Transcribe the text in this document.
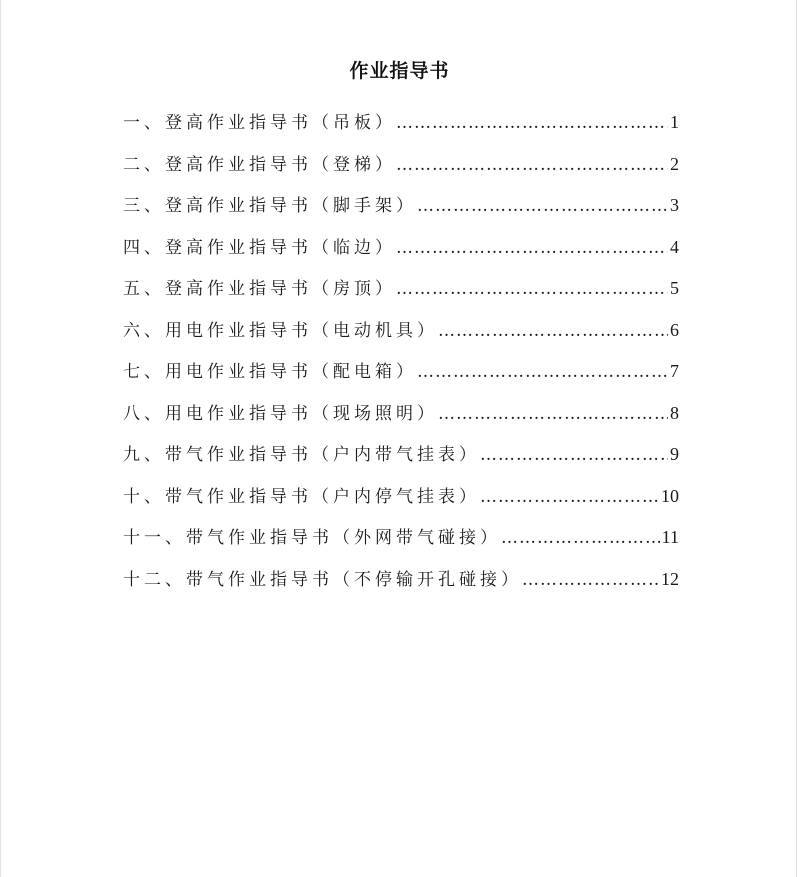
作业指导书
一、登高作业指导书（吊板） ………………………………………………………………………………………………………………	1
二、登高作业指导书（登梯） ………………………………………………………………………………………………………………	2
三、登高作业指导书（脚手架） ………………………………………………………………………………………………………………	3
四、登高作业指导书（临边） ………………………………………………………………………………………………………………	4
五、登高作业指导书（房顶） ………………………………………………………………………………………………………………	5
六、用电作业指导书（电动机具） ………………………………………………………………………………………………………………	6
七、用电作业指导书（配电箱） ………………………………………………………………………………………………………………	7
八、用电作业指导书（现场照明） ………………………………………………………………………………………………………………	8
九、带气作业指导书（户内带气挂表） ………………………………………………………………………………………………………………	9
十、带气作业指导书（户内停气挂表） ………………………………………………………………………………………………………………	10
十一、带气作业指导书（外网带气碰接） ………………………………………………………………………………………………………………	11
十二、带气作业指导书（不停输开孔碰接） ………………………………………………………………………………………………………………	12
